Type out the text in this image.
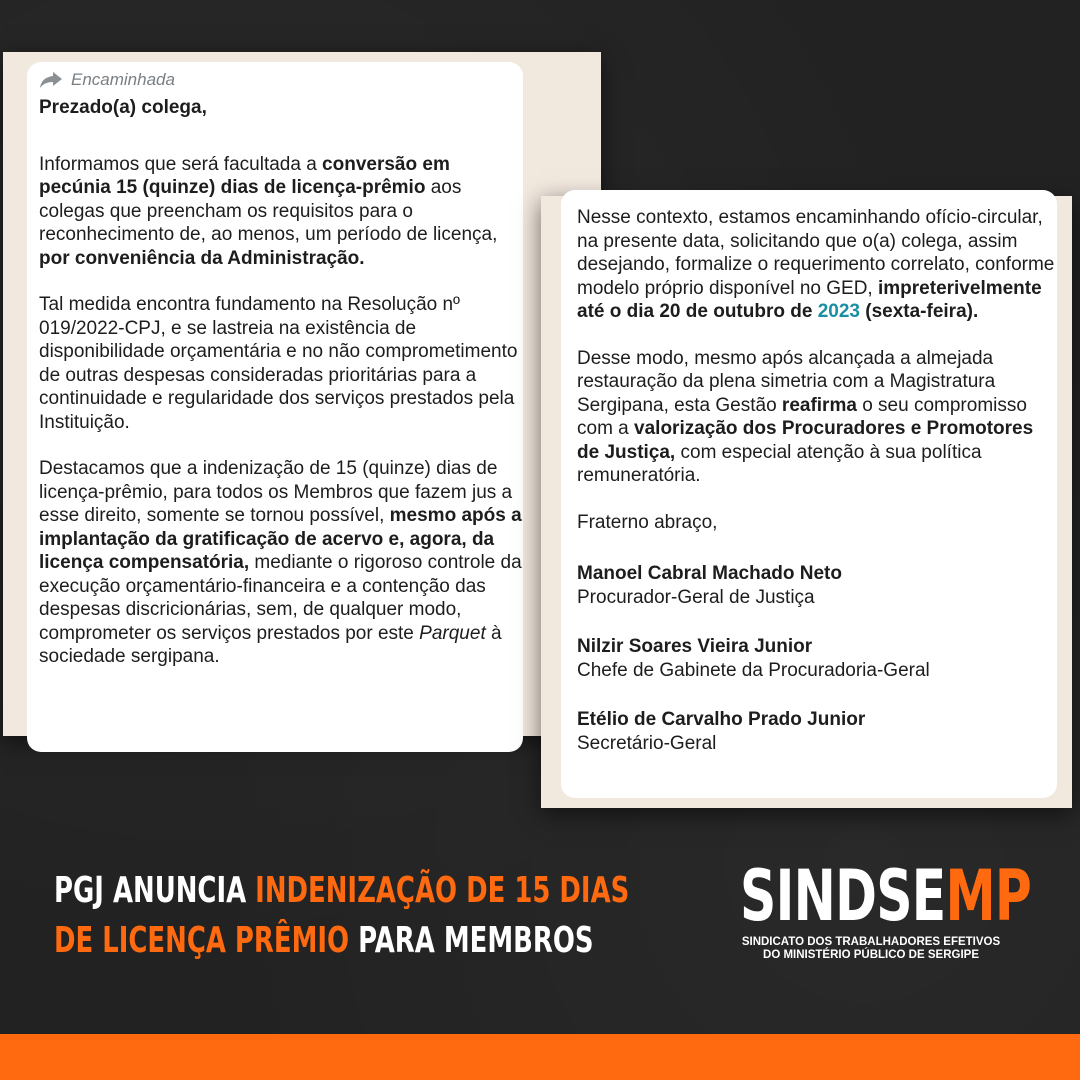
Encaminhada

Prezado(a) colega,

Informamos que será facultada a conversão em pecúnia 15 (quinze) dias de licença-prêmio aos colegas que preencham os requisitos para o reconhecimento de, ao menos, um período de licença, por conveniência da Administração.

Tal medida encontra fundamento na Resolução nº 019/2022-CPJ, e se lastreia na existência de disponibilidade orçamentária e no não comprometimento de outras despesas consideradas prioritárias para a continuidade e regularidade dos serviços prestados pela Instituição.

Destacamos que a indenização de 15 (quinze) dias de licença-prêmio, para todos os Membros que fazem jus a esse direito, somente se tornou possível, mesmo após a implantação da gratificação de acervo e, agora, da licença compensatória, mediante o rigoroso controle da execução orçamentário-financeira e a contenção das despesas discricionárias, sem, de qualquer modo, comprometer os serviços prestados por este Parquet à sociedade sergipana.

Nesse contexto, estamos encaminhando ofício-circular, na presente data, solicitando que o(a) colega, assim desejando, formalize o requerimento correlato, conforme modelo próprio disponível no GED, impreterivelmente até o dia 20 de outubro de 2023 (sexta-feira).

Desse modo, mesmo após alcançada a almejada restauração da plena simetria com a Magistratura Sergipana, esta Gestão reafirma o seu compromisso com a valorização dos Procuradores e Promotores de Justiça, com especial atenção à sua política remuneratória.

Fraterno abraço,

Manoel Cabral Machado Neto
Procurador-Geral de Justiça
Nilzir Soares Vieira Junior
Chefe de Gabinete da Procuradoria-Geral
Etélio de Carvalho Prado Junior
Secretário-Geral
PGJ ANUNCIA INDENIZAÇÃO DE 15 DIAS
DE LICENÇA PRÊMIO PARA MEMBROS
SINDSEMP
SINDICATO DOS TRABALHADORES EFETIVOS
DO MINISTÉRIO PÚBLICO DE SERGIPE
